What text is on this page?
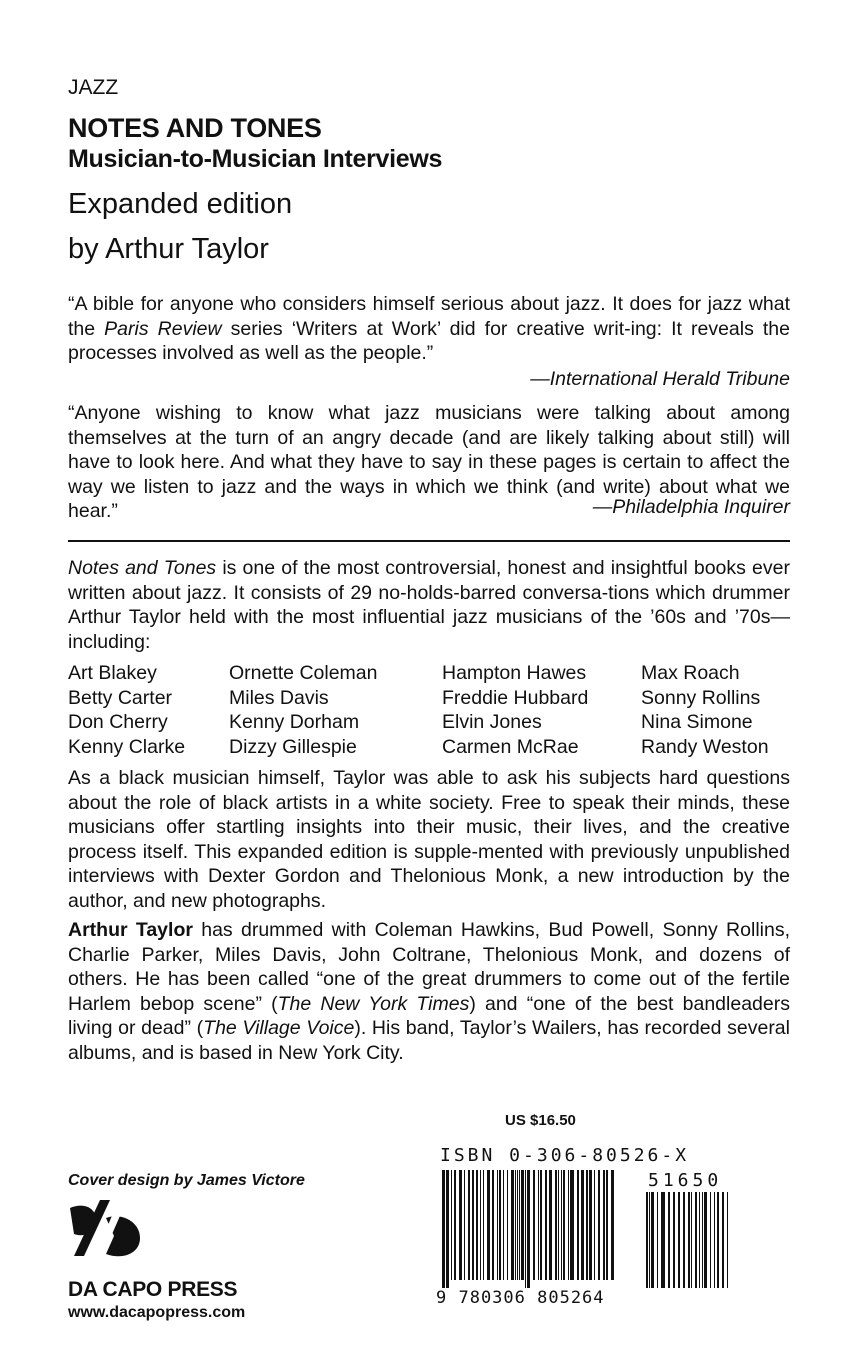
JAZZ
NOTES AND TONES
Musician-to-Musician Interviews
Expanded edition
by Arthur Taylor
“A bible for anyone who considers himself serious about jazz. It does for jazz what the Paris Review series ‘Writers at Work’ did for creative writ-ing: It reveals the processes involved as well as the people.”
—International Herald Tribune
“Anyone wishing to know what jazz musicians were talking about among themselves at the turn of an angry decade (and are likely talking about still) will have to look here. And what they have to say in these pages is certain to affect the way we listen to jazz and the ways in which we think (and write) about what we hear.”	—Philadelphia Inquirer
Notes and Tones is one of the most controversial, honest and insightful books ever written about jazz. It consists of 29 no-holds-barred conversa-tions which drummer Arthur Taylor held with the most influential jazz musicians of the ’60s and ’70s—including:
Art Blakey
Betty Carter
Don Cherry
Kenny Clarke
Ornette Coleman
Miles Davis
Kenny Dorham
Dizzy Gillespie
Hampton Hawes
Freddie Hubbard
Elvin Jones
Carmen McRae
Max Roach
Sonny Rollins
Nina Simone
Randy Weston
As a black musician himself, Taylor was able to ask his subjects hard questions about the role of black artists in a white society. Free to speak their minds, these musicians offer startling insights into their music, their lives, and the creative process itself. This expanded edition is supple-mented with previously unpublished interviews with Dexter Gordon and Thelonious Monk, a new introduction by the author, and new photographs.
Arthur Taylor has drummed with Coleman Hawkins, Bud Powell, Sonny Rollins, Charlie Parker, Miles Davis, John Coltrane, Thelonious Monk, and dozens of others. He has been called “one of the great drummers to come out of the fertile Harlem bebop scene” (The New York Times) and “one of the best bandleaders living or dead” (The Village Voice). His band, Taylor’s Wailers, has recorded several albums, and is based in New York City.
US $16.50
ISBN 0-306-80526-X
51650
9 780306 805264
Cover design by James Victore
DA CAPO PRESS
www.dacapopress.com
